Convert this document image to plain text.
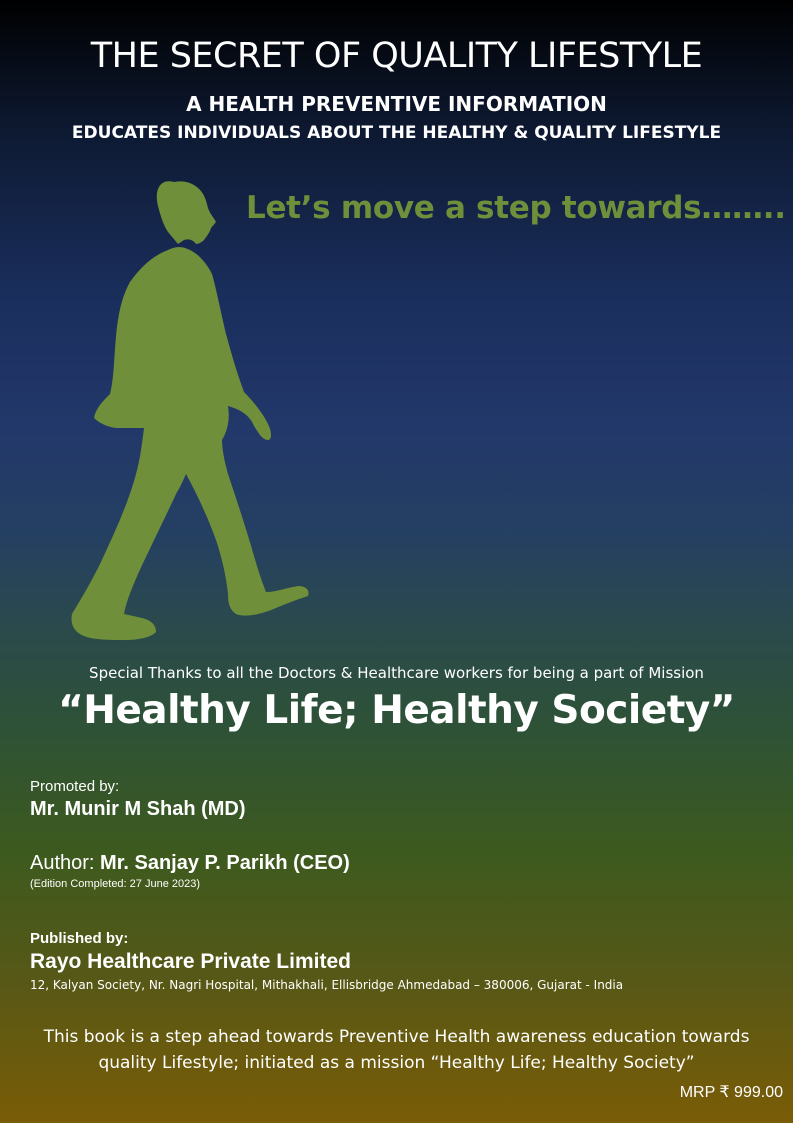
THE SECRET OF QUALITY LIFESTYLE
A HEALTH PREVENTIVE INFORMATION
EDUCATES INDIVIDUALS ABOUT THE HEALTHY & QUALITY LIFESTYLE
Let’s move a step towards……..
Special Thanks to all the Doctors & Healthcare workers for being a part of Mission
“Healthy Life; Healthy Society”
Promoted by:
Mr. Munir M Shah (MD)
Author: Mr. Sanjay P. Parikh (CEO)
(Edition Completed: 27 June 2023)
Published by:
Rayo Healthcare Private Limited
12, Kalyan Society, Nr. Nagri Hospital, Mithakhali, Ellisbridge Ahmedabad – 380006, Gujarat - India
This book is a step ahead towards Preventive Health awareness education towards
quality Lifestyle; initiated as a mission “Healthy Life; Healthy Society”
MRP ₹ 999.00
